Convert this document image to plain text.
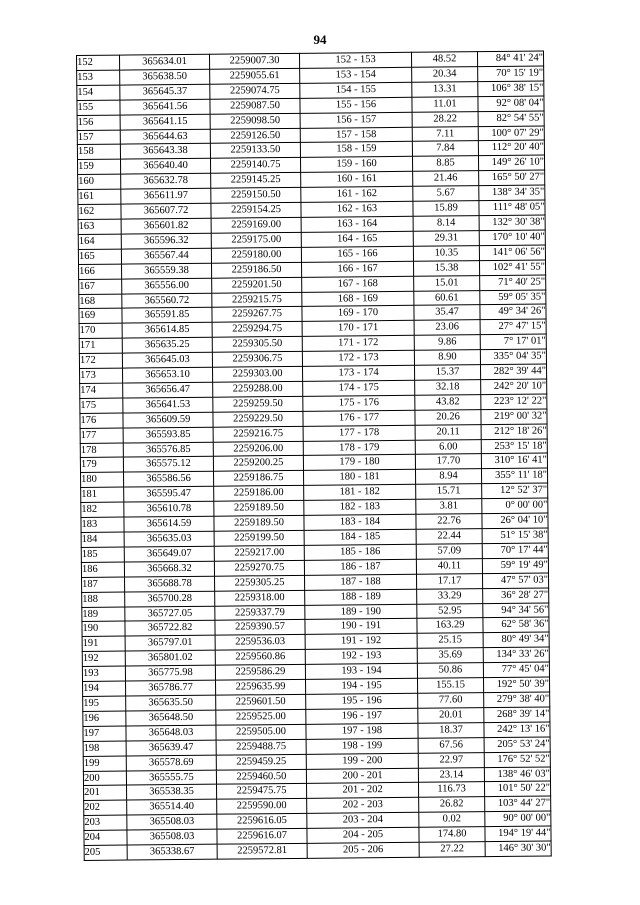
94
152	365634.01	2259007.30	152 - 153	48.52	84° 41' 24"
153	365638.50	2259055.61	153 - 154	20.34	70° 15' 19"
154	365645.37	2259074.75	154 - 155	13.31	106° 38' 15"
155	365641.56	2259087.50	155 - 156	11.01	92° 08' 04"
156	365641.15	2259098.50	156 - 157	28.22	82° 54' 55"
157	365644.63	2259126.50	157 - 158	7.11	100° 07' 29"
158	365643.38	2259133.50	158 - 159	7.84	112° 20' 40"
159	365640.40	2259140.75	159 - 160	8.85	149° 26' 10"
160	365632.78	2259145.25	160 - 161	21.46	165° 50' 27"
161	365611.97	2259150.50	161 - 162	5.67	138° 34' 35"
162	365607.72	2259154.25	162 - 163	15.89	111° 48' 05"
163	365601.82	2259169.00	163 - 164	8.14	132° 30' 38"
164	365596.32	2259175.00	164 - 165	29.31	170° 10' 40"
165	365567.44	2259180.00	165 - 166	10.35	141° 06' 56"
166	365559.38	2259186.50	166 - 167	15.38	102° 41' 55"
167	365556.00	2259201.50	167 - 168	15.01	71° 40' 25"
168	365560.72	2259215.75	168 - 169	60.61	59° 05' 35"
169	365591.85	2259267.75	169 - 170	35.47	49° 34' 26"
170	365614.85	2259294.75	170 - 171	23.06	27° 47' 15"
171	365635.25	2259305.50	171 - 172	9.86	7° 17' 01"
172	365645.03	2259306.75	172 - 173	8.90	335° 04' 35"
173	365653.10	2259303.00	173 - 174	15.37	282° 39' 44"
174	365656.47	2259288.00	174 - 175	32.18	242° 20' 10"
175	365641.53	2259259.50	175 - 176	43.82	223° 12' 22"
176	365609.59	2259229.50	176 - 177	20.26	219° 00' 32"
177	365593.85	2259216.75	177 - 178	20.11	212° 18' 26"
178	365576.85	2259206.00	178 - 179	6.00	253° 15' 18"
179	365575.12	2259200.25	179 - 180	17.70	310° 16' 41"
180	365586.56	2259186.75	180 - 181	8.94	355° 11' 18"
181	365595.47	2259186.00	181 - 182	15.71	12° 52' 37"
182	365610.78	2259189.50	182 - 183	3.81	0° 00' 00"
183	365614.59	2259189.50	183 - 184	22.76	26° 04' 10"
184	365635.03	2259199.50	184 - 185	22.44	51° 15' 38"
185	365649.07	2259217.00	185 - 186	57.09	70° 17' 44"
186	365668.32	2259270.75	186 - 187	40.11	59° 19' 49"
187	365688.78	2259305.25	187 - 188	17.17	47° 57' 03"
188	365700.28	2259318.00	188 - 189	33.29	36° 28' 27"
189	365727.05	2259337.79	189 - 190	52.95	94° 34' 56"
190	365722.82	2259390.57	190 - 191	163.29	62° 58' 36"
191	365797.01	2259536.03	191 - 192	25.15	80° 49' 34"
192	365801.02	2259560.86	192 - 193	35.69	134° 33' 26"
193	365775.98	2259586.29	193 - 194	50.86	77° 45' 04"
194	365786.77	2259635.99	194 - 195	155.15	192° 50' 39"
195	365635.50	2259601.50	195 - 196	77.60	279° 38' 40"
196	365648.50	2259525.00	196 - 197	20.01	268° 39' 14"
197	365648.03	2259505.00	197 - 198	18.37	242° 13' 16"
198	365639.47	2259488.75	198 - 199	67.56	205° 53' 24"
199	365578.69	2259459.25	199 - 200	22.97	176° 52' 52"
200	365555.75	2259460.50	200 - 201	23.14	138° 46' 03"
201	365538.35	2259475.75	201 - 202	116.73	101° 50' 22"
202	365514.40	2259590.00	202 - 203	26.82	103° 44' 27"
203	365508.03	2259616.05	203 - 204	0.02	90° 00' 00"
204	365508.03	2259616.07	204 - 205	174.80	194° 19' 44"
205	365338.67	2259572.81	205 - 206	27.22	146° 30' 30"
